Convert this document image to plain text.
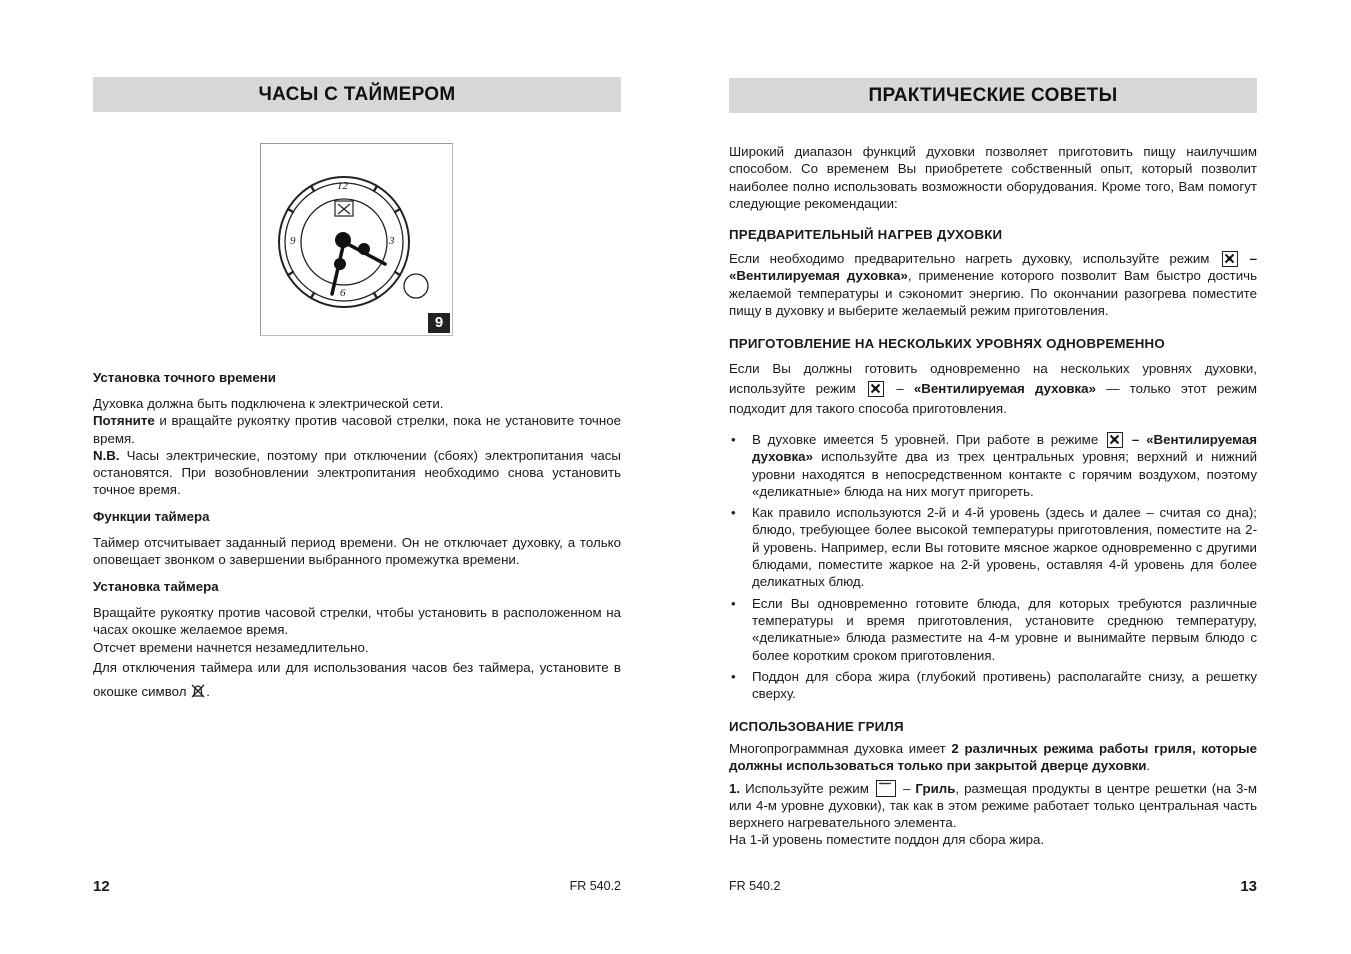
ЧАСЫ С ТАЙМЕРОМ
12
3
6
9
9
Установка точного времени

Духовка должна быть подключена к электрической сети.

Потяните и вращайте рукоятку против часовой стрелки, пока не установите точное время.

N.B. Часы электрические, поэтому при отключении (сбоях) электропитания часы остановятся. При возобновлении электропитания необходимо снова установить точное время.

Функции таймера

Таймер отсчитывает заданный период времени. Он не отключает духовку, а только оповещает звонком о завершении выбранного промежутка времени.

Установка таймера

Вращайте рукоятку против часовой стрелки, чтобы установить в расположенном на часах окошке желаемое время.

Отсчет времени начнется незамедлительно.

Для отключения таймера или для использования часов без таймера, установите в окошке символ .

12	FR 540.2
ПРАКТИЧЕСКИЕ СОВЕТЫ
Широкий диапазон функций духовки позволяет приготовить пищу наилучшим способом. Со временем Вы приобретете собственный опыт, который позволит наиболее полно использовать возможности оборудования. Кроме того, Вам помогут следующие рекомендации:
ПРЕДВАРИТЕЛЬНЫЙ НАГРЕВ ДУХОВКИ

Если необходимо предварительно нагреть духовку, используйте режим
– «Вентилируемая духовка», применение которого позволит Вам быстро достичь желаемой температуры и сэкономит энергию. По окончании разогрева поместите пищу в духовку и выберите желаемый режим приготовления.

ПРИГОТОВЛЕНИЕ НА НЕСКОЛЬКИХ УРОВНЯХ ОДНОВРЕМЕННО

Если Вы должны готовить одновременно на нескольких уровнях духовки, используйте режим
– «Вентилируемая духовка» — только этот режим подходит для такого способа приготовления.

• В духовке имеется 5 уровней. При работе в режиме
– «Вентилируемая духовка» используйте два из трех центральных уровня; верхний и нижний уровни находятся в непосредственном контакте с горячим воздухом, поэтому «деликатные» блюда на них могут пригореть.
• Как правило используются 2-й и 4-й уровень (здесь и далее – считая со дна); блюдо, требующее более высокой температуры приготовления, поместите на 2-й уровень. Например, если Вы готовите мясное жаркое одновременно с другими блюдами, поместите жаркое на 2-й уровень, оставляя 4-й уровень для более деликатных блюд.
• Если Вы одновременно готовите блюда, для которых требуются различные температуры и время приготовления, установите среднюю температуру, «деликатные» блюда разместите на 4-м уровне и вынимайте первым блюдо с более коротким сроком приготовления.
• Поддон для сбора жира (глубокий противень) располагайте снизу, а решетку сверху.
ИСПОЛЬЗОВАНИЕ ГРИЛЯ

Многопрограммная духовка имеет 2 различных режима работы гриля, которые должны использоваться только при закрытой дверце духовки.

1. Используйте режим
– Гриль, размещая продукты в центре решетки (на 3-м или 4-м уровне духовки), так как в этом режиме работает только центральная часть верхнего нагревательного элемента.

На 1-й уровень поместите поддон для сбора жира.

FR 540.2	13
